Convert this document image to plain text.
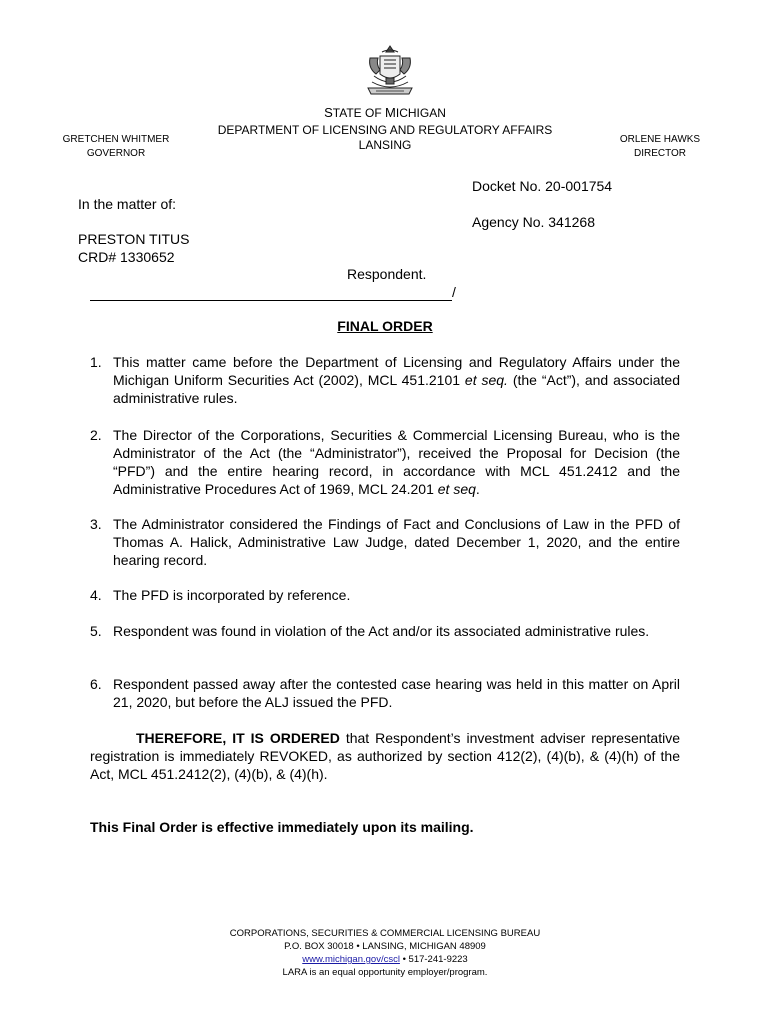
STATE OF MICHIGAN
DEPARTMENT OF LICENSING AND REGULATORY AFFAIRS
LANSING
GRETCHEN WHITMER
GOVERNOR
ORLENE HAWKS
DIRECTOR
Docket No. 20-001754
Agency No. 341268
In the matter of:
PRESTON TITUS
CRD# 1330652
Respondent.
/
FINAL ORDER
1. This matter came before the Department of Licensing and Regulatory Affairs under the Michigan Uniform Securities Act (2002), MCL 451.2101 et seq. (the “Act”), and associated administrative rules.
2. The Director of the Corporations, Securities & Commercial Licensing Bureau, who is the Administrator of the Act (the “Administrator”), received the Proposal for Decision (the “PFD”) and the entire hearing record, in accordance with MCL 451.2412 and the Administrative Procedures Act of 1969, MCL 24.201 et seq.
3. The Administrator considered the Findings of Fact and Conclusions of Law in the PFD of Thomas A. Halick, Administrative Law Judge, dated December 1, 2020, and the entire hearing record.
4. The PFD is incorporated by reference.
5. Respondent was found in violation of the Act and/or its associated administrative rules.
6. Respondent passed away after the contested case hearing was held in this matter on April 21, 2020, but before the ALJ issued the PFD.
THEREFORE, IT IS ORDERED that Respondent’s investment adviser representative registration is immediately REVOKED, as authorized by section 412(2), (4)(b), & (4)(h) of the Act, MCL 451.2412(2), (4)(b), & (4)(h).
This Final Order is effective immediately upon its mailing.
CORPORATIONS, SECURITIES & COMMERCIAL LICENSING BUREAU
P.O. BOX 30018 • LANSING, MICHIGAN 48909
www.michigan.gov/cscl • 517-241-9223
LARA is an equal opportunity employer/program.
